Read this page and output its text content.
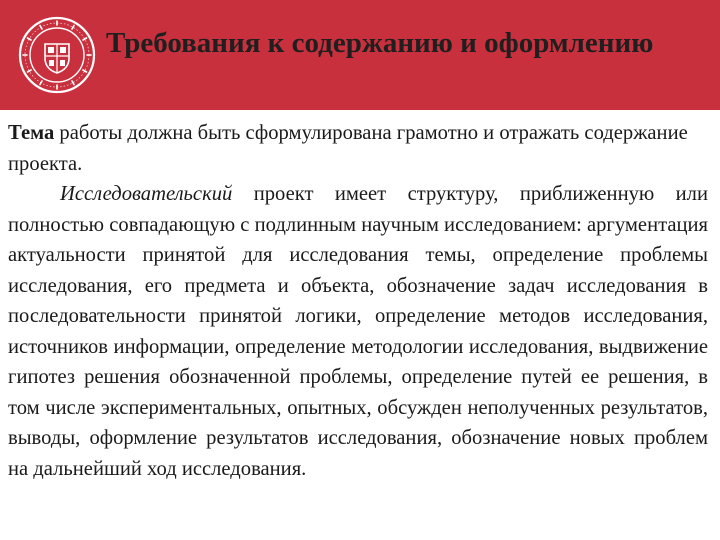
Требования к содержанию и оформлению

Тема работы должна быть сформулирована грамотно и отражать содержание проекта.

Исследовательский проект имеет структуру, приближенную или полностью совпадающую с подлинным научным исследованием: аргументация актуальности принятой для исследования темы, определение проблемы исследования, его предмета и объекта, обозначение задач исследования в последовательности принятой логики, определение методов исследования, источников информации, определение методологии исследования, выдвижение гипотез решения обозначенной проблемы, определение путей ее решения, в том числе экспериментальных, опытных, обсужден неполученных результатов, выводы, оформление результатов исследования, обозначение новых проблем на дальнейший ход исследования.
